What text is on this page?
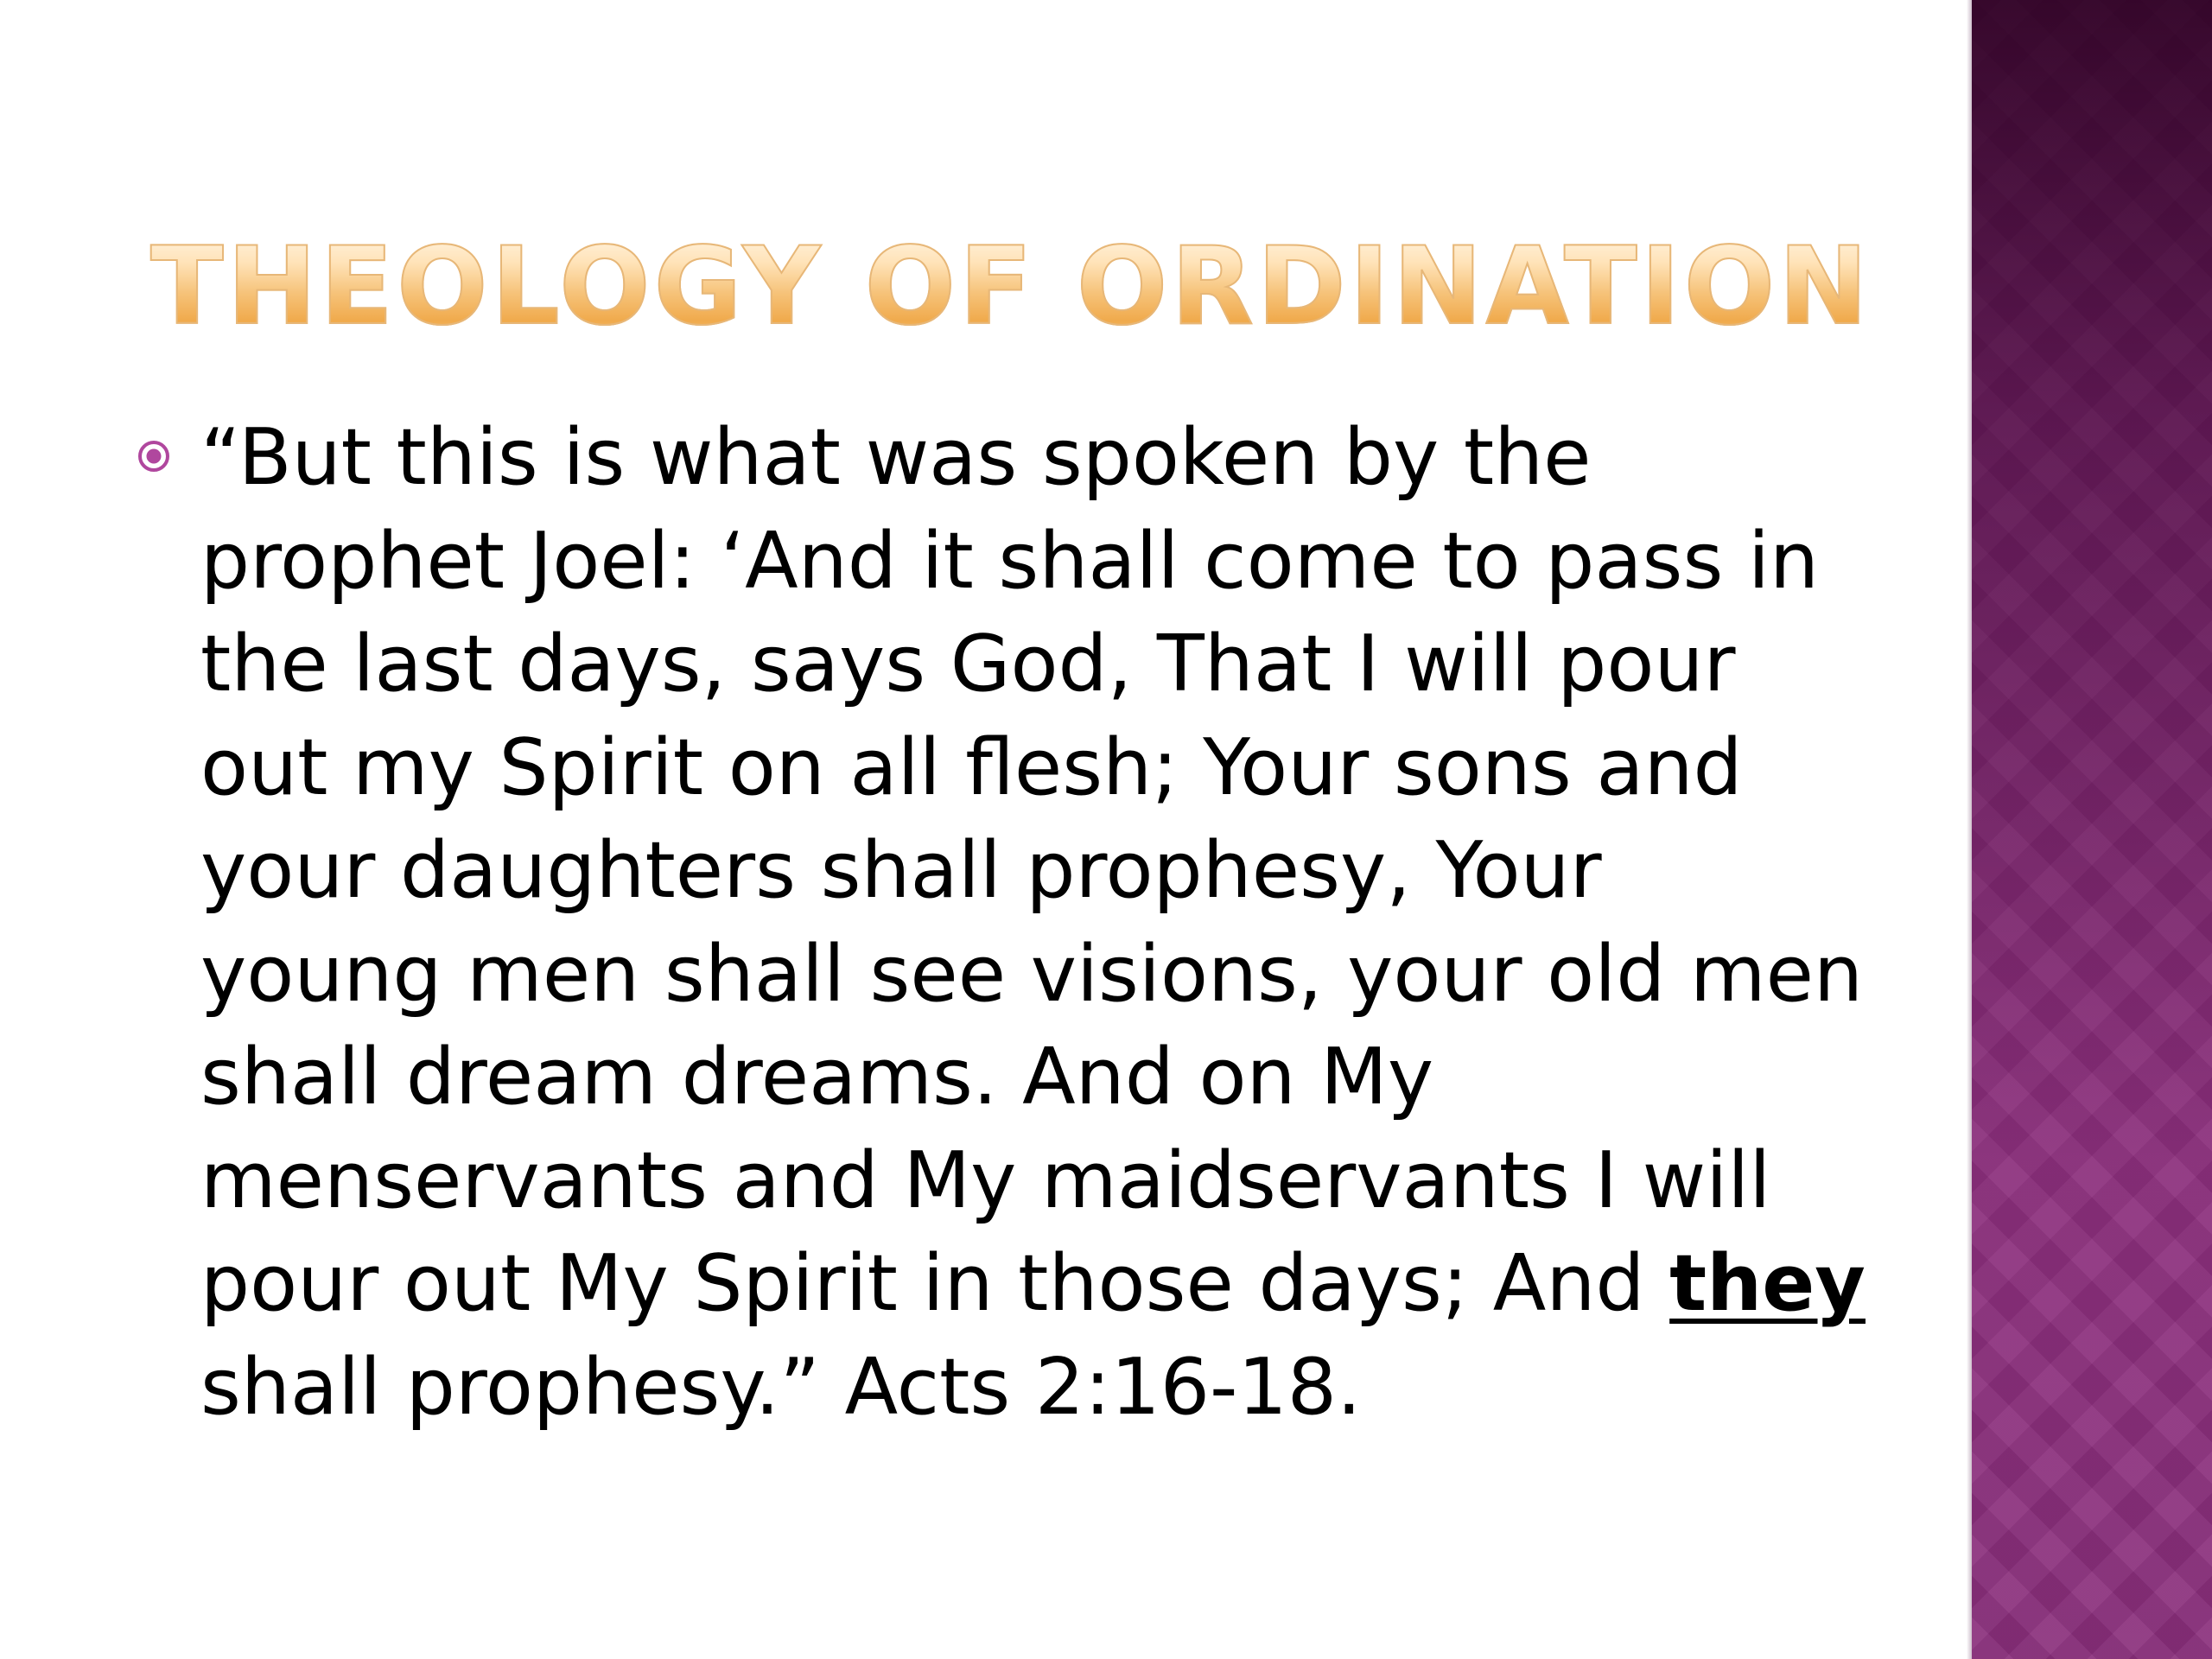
THEOLOGY OF ORDINATION
“But this is what was spoken by the prophet Joel: ‘And it shall come to pass in the last days, says God, That I will pour out my Spirit on all flesh; Your sons and your daughters shall prophesy, Your young men shall see visions, your old men shall dream dreams. And on My menservants and My maidservants I will pour out My Spirit in those days; And they shall prophesy.” Acts 2:16-18.
